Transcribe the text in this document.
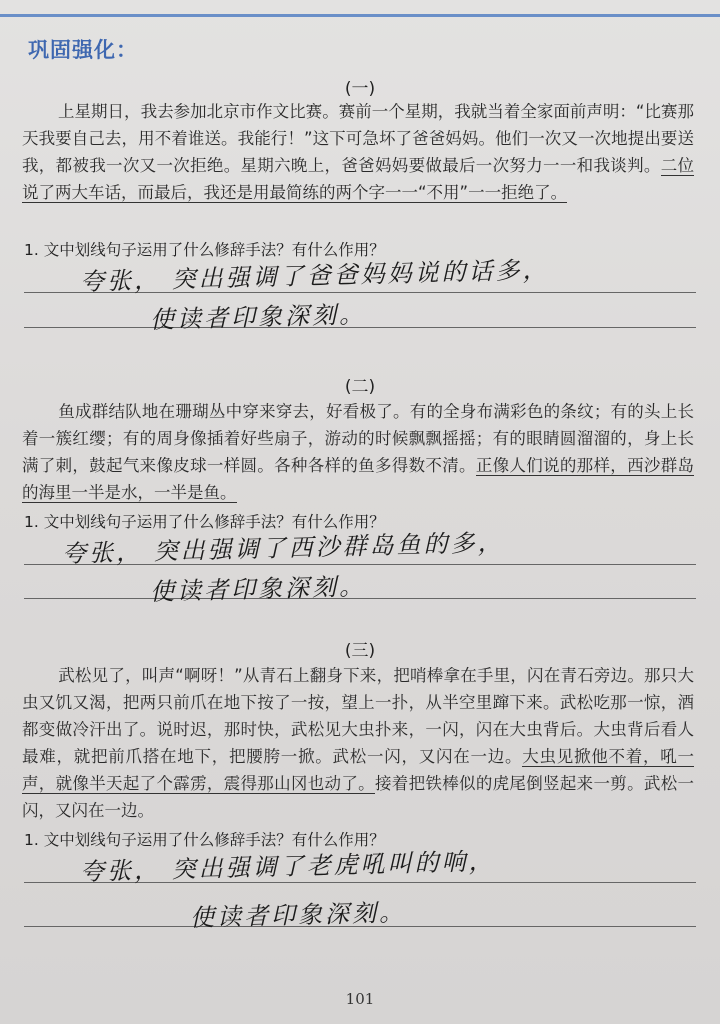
巩固强化：
(一)
上星期日，我去参加北京市作文比赛。赛前一个星期，我就当着全家面前声明：“比赛那天我要自己去，用不着谁送。我能行！”这下可急坏了爸爸妈妈。他们一次又一次地提出要送我，都被我一次又一次拒绝。星期六晚上，爸爸妈妈要做最后一次努力一一和我谈判。二位说了两大车话，而最后，我还是用最简练的两个字一一“不用”一一拒绝了。
1. 文中划线句子运用了什么修辞手法？有什么作用？
夸张， 突出强调了爸爸妈妈说的话多，
使读者印象深刻。
(二)
鱼成群结队地在珊瑚丛中穿来穿去，好看极了。有的全身布满彩色的条纹；有的头上长着一簇红缨；有的周身像插着好些扇子，游动的时候飘飘摇摇；有的眼睛圆溜溜的，身上长满了刺，鼓起气来像皮球一样圆。各种各样的鱼多得数不清。正像人们说的那样，西沙群岛的海里一半是水，一半是鱼。
1. 文中划线句子运用了什么修辞手法？有什么作用？
夸张， 突出强调了西沙群岛鱼的多，
使读者印象深刻。
(三)
武松见了，叫声“啊呀！”从青石上翻身下来，把哨棒拿在手里，闪在青石旁边。那只大虫又饥又渴，把两只前爪在地下按了一按，望上一扑，从半空里蹿下来。武松吃那一惊，酒都变做冷汗出了。说时迟，那时快，武松见大虫扑来，一闪，闪在大虫背后。大虫背后看人最难，就把前爪搭在地下，把腰胯一掀。武松一闪，又闪在一边。大虫见掀他不着，吼一声，就像半天起了个霹雳，震得那山冈也动了。接着把铁棒似的虎尾倒竖起来一剪。武松一闪，又闪在一边。
1. 文中划线句子运用了什么修辞手法？有什么作用？
夸张， 突出强调了老虎吼叫的响，
使读者印象深刻。
101
